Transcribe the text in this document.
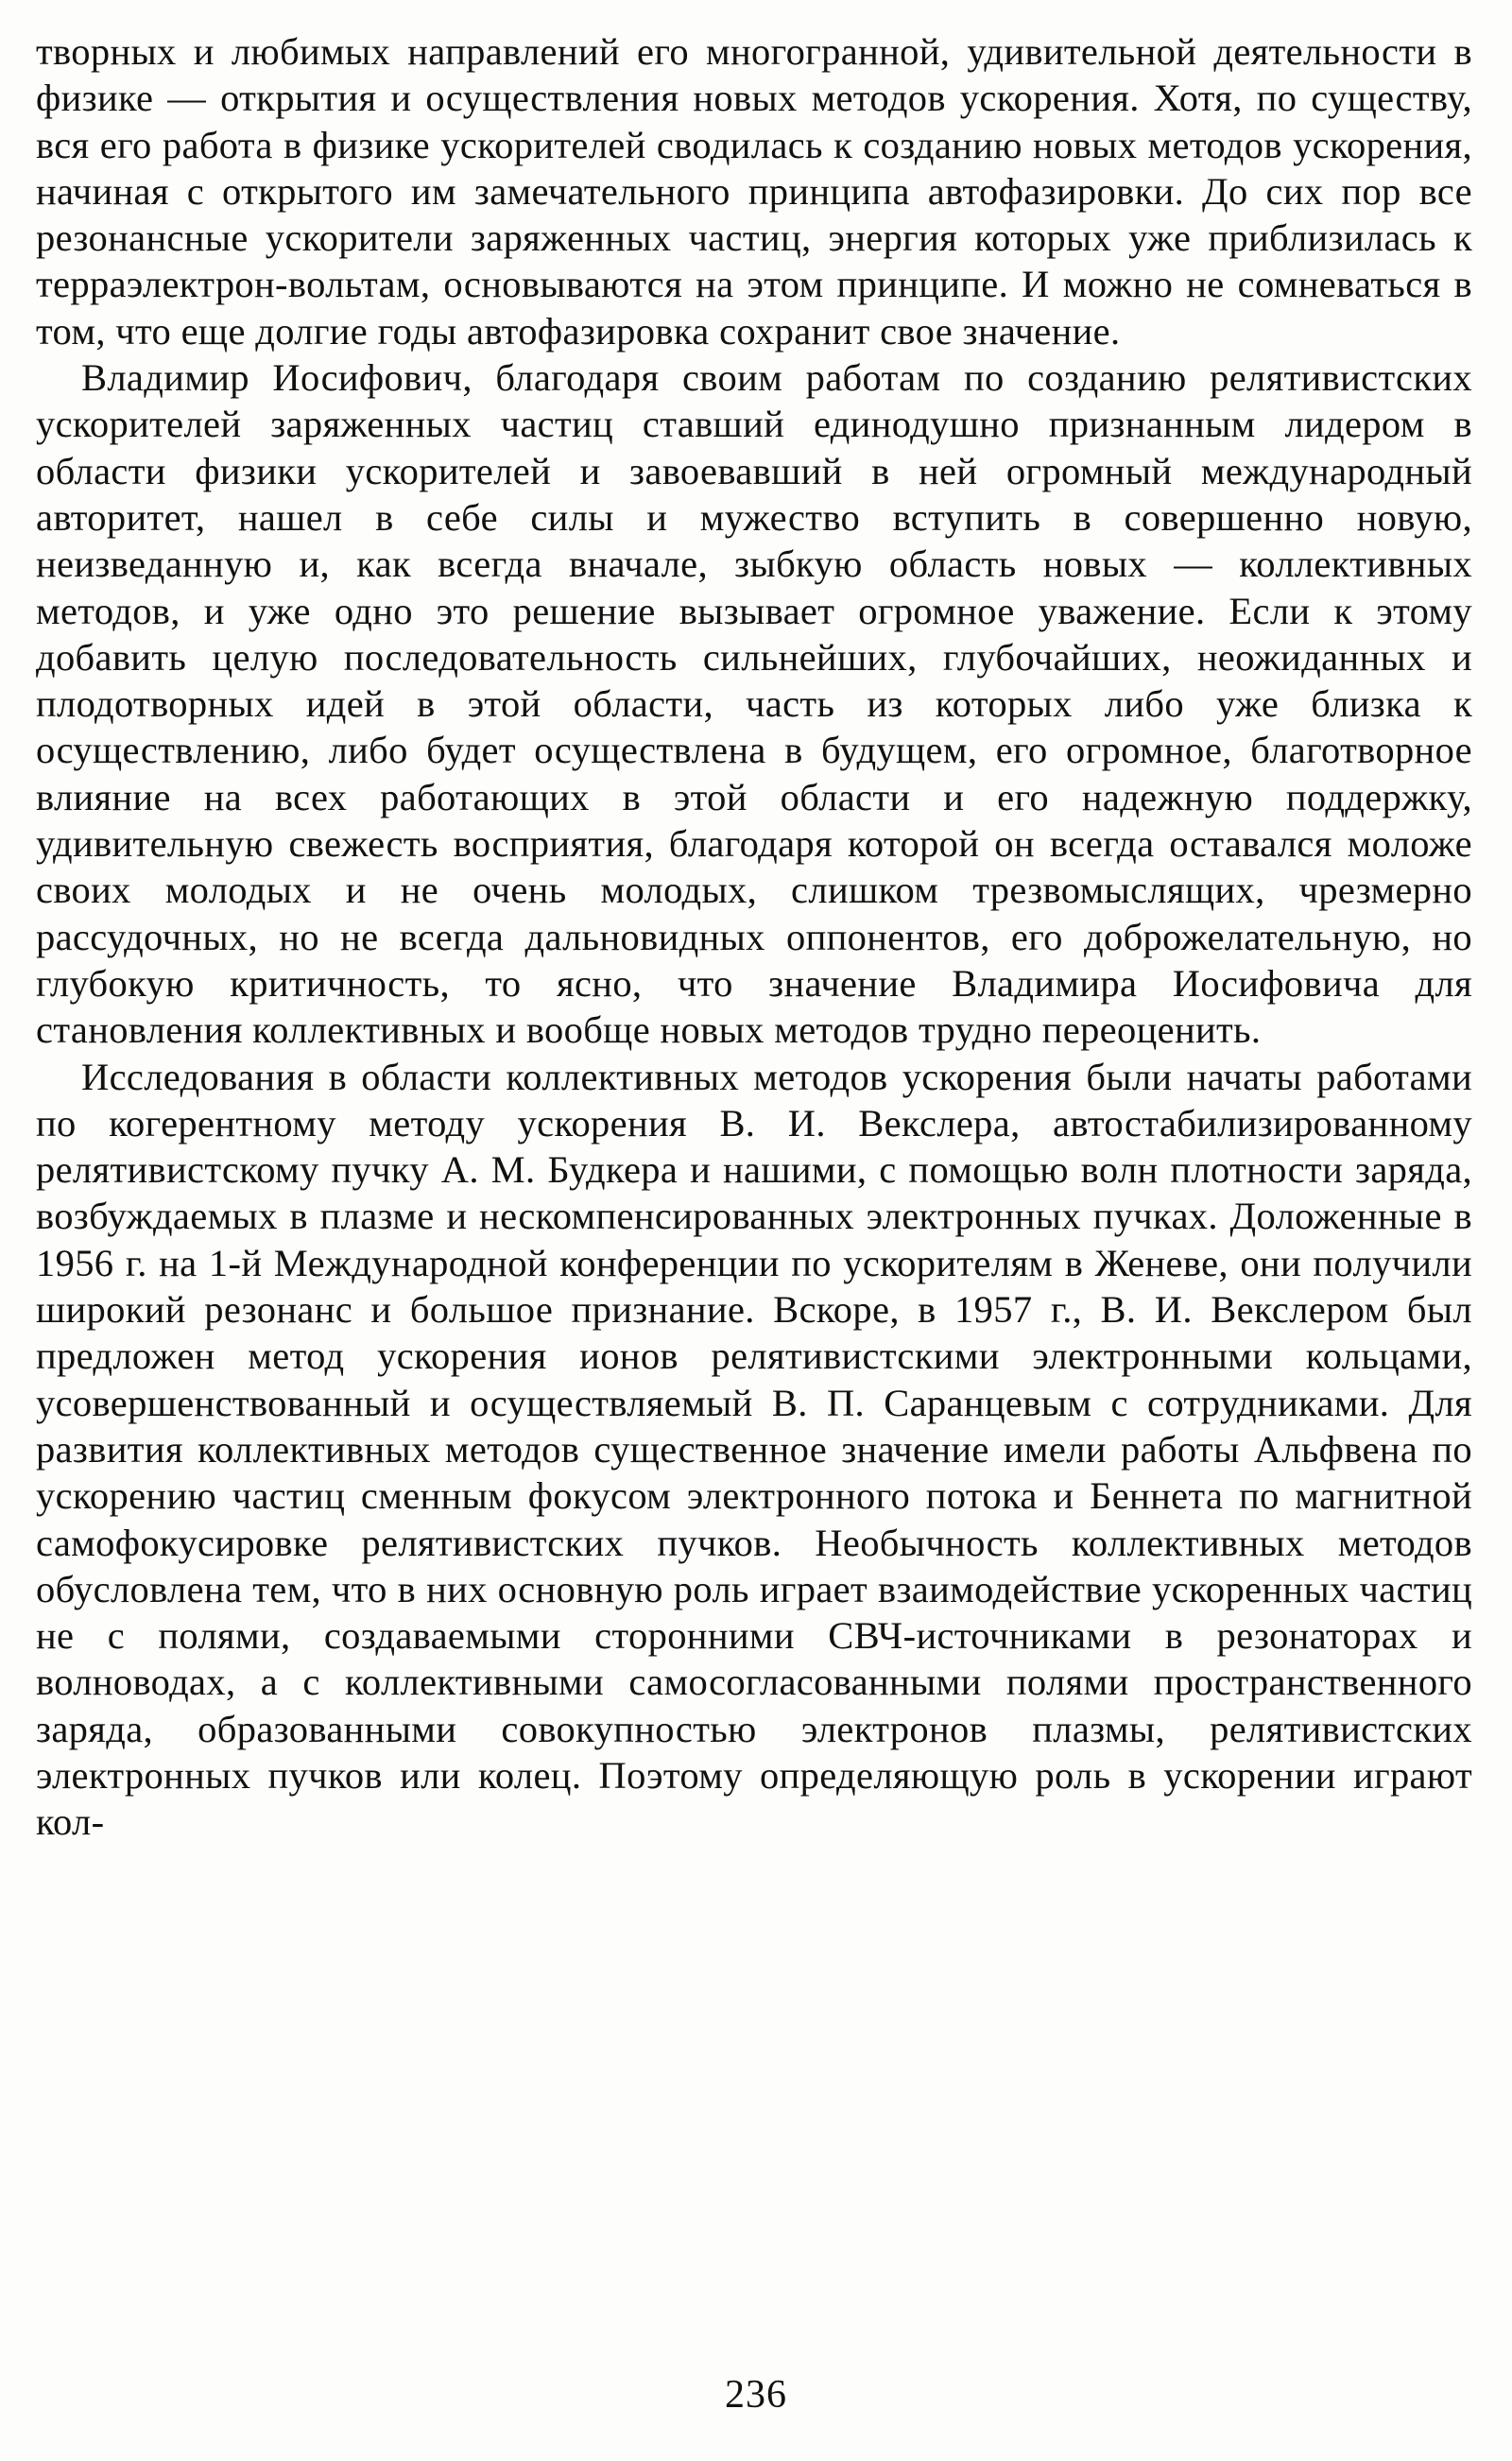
творных и любимых направлений его многогранной, удивительной деятельности в физике — открытия и осуществления новых методов ускорения. Хотя, по существу, вся его работа в физике ускорителей сводилась к созданию новых методов ускорения, начиная с открытого им замечательного принципа автофазировки. До сих пор все резонансные ускорители заряженных частиц, энергия которых уже приблизилась к терраэлектрон-вольтам, основываются на этом принципе. И можно не сомневаться в том, что еще долгие годы автофазировка сохранит свое значение.

Владимир Иосифович, благодаря своим работам по созданию релятивистских ускорителей заряженных частиц ставший единодушно признанным лидером в области физики ускорителей и завоевавший в ней огромный международный авторитет, нашел в себе силы и мужество вступить в совершенно новую, неизведанную и, как всегда вначале, зыбкую область новых — коллективных методов, и уже одно это решение вызывает огромное уважение. Если к этому добавить целую последовательность сильнейших, глубочайших, неожиданных и плодотворных идей в этой области, часть из которых либо уже близка к осуществлению, либо будет осуществлена в будущем, его огромное, благотворное влияние на всех работающих в этой области и его надежную поддержку, удивительную свежесть восприятия, благодаря которой он всегда оставался моложе своих молодых и не очень молодых, слишком трезвомыслящих, чрезмерно рассудочных, но не всегда дальновидных оппонентов, его доброжелательную, но глубокую критичность, то ясно, что значение Владимира Иосифовича для становления коллективных и вообще новых методов трудно переоценить.

Исследования в области коллективных методов ускорения были начаты работами по когерентному методу ускорения В. И. Векслера, автостабилизированному релятивистскому пучку А. М. Будкера и нашими, с помощью волн плотности заряда, возбуждаемых в плазме и нескомпенсированных электронных пучках. Доложенные в 1956 г. на 1-й Международной конференции по ускорителям в Женеве, они получили широкий резонанс и большое признание. Вскоре, в 1957 г., В. И. Векслером был предложен метод ускорения ионов релятивистскими электронными кольцами, усовершенствованный и осуществляемый В. П. Саранцевым с сотрудниками. Для развития коллективных методов существенное значение имели работы Альфвена по ускорению частиц сменным фокусом электронного потока и Беннета по магнитной самофокусировке релятивистских пучков. Необычность коллективных методов обусловлена тем, что в них основную роль играет взаимодействие ускоренных частиц не с полями, создаваемыми сторонними СВЧ-источниками в резонаторах и волноводах, а с коллективными самосогласованными полями пространственного заряда, образованными совокупностью электронов плазмы, релятивистских электронных пучков или колец. Поэтому определяющую роль в ускорении играют кол-

236
